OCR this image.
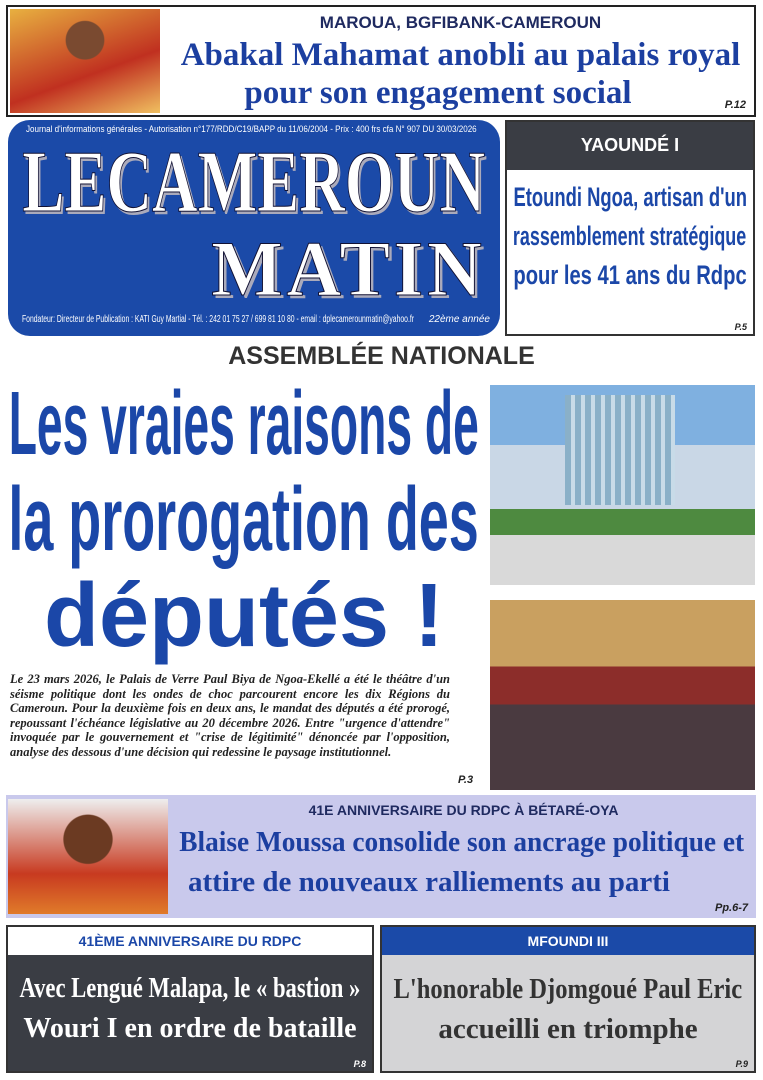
MAROUA, BGFIBANK-CAMEROUN
Abakal Mahamat anobli au palais royal
pour son engagement social	P.12
Journal d'informations générales - Autorisation n°177/RDD/C19/BAPP du 11/06/2004 - Prix : 400 frs cfa N° 907 DU 30/03/2026
LECAMEROUN
MATIN
Fondateur: Directeur de Publication : KATI Guy Martial - Tél. : 242 01 75 27 / 699 81 10 80 - email : dplecamerounmatin@yahoo.fr 22ème année
YAOUNDÉ I
Etoundi Ngoa, artisan d'un
rassemblement stratégique
pour les 41 ans du Rdpc
P.5
ASSEMBLÉE NATIONALE
Les vraies raisons de
la prorogation des
députés !
Le 23 mars 2026, le Palais de Verre Paul Biya de Ngoa-Ekellé a été le théâtre d'un séisme politique dont les ondes de choc parcourent encore les dix Régions du Cameroun. Pour la deuxième fois en deux ans, le mandat des députés a été prorogé, repoussant l'échéance législative au 20 décembre 2026. Entre "urgence d'attendre" invoquée par le gouvernement et "crise de légitimité" dénoncée par l'opposition, analyse des dessous d'une décision qui redessine le paysage institutionnel.
P.3
41E ANNIVERSAIRE DU RDPC À BÉTARÉ-OYA
Blaise Moussa consolide son ancrage politique et
attire de nouveaux ralliements au parti
Pp.6-7
41ÈME ANNIVERSAIRE DU RDPC
Avec Lengué Malapa, le « bastion »
Wouri I en ordre de bataille
P.8
MFOUNDI III
L'honorable Djomgoué Paul Eric
accueilli en triomphe
P.9
